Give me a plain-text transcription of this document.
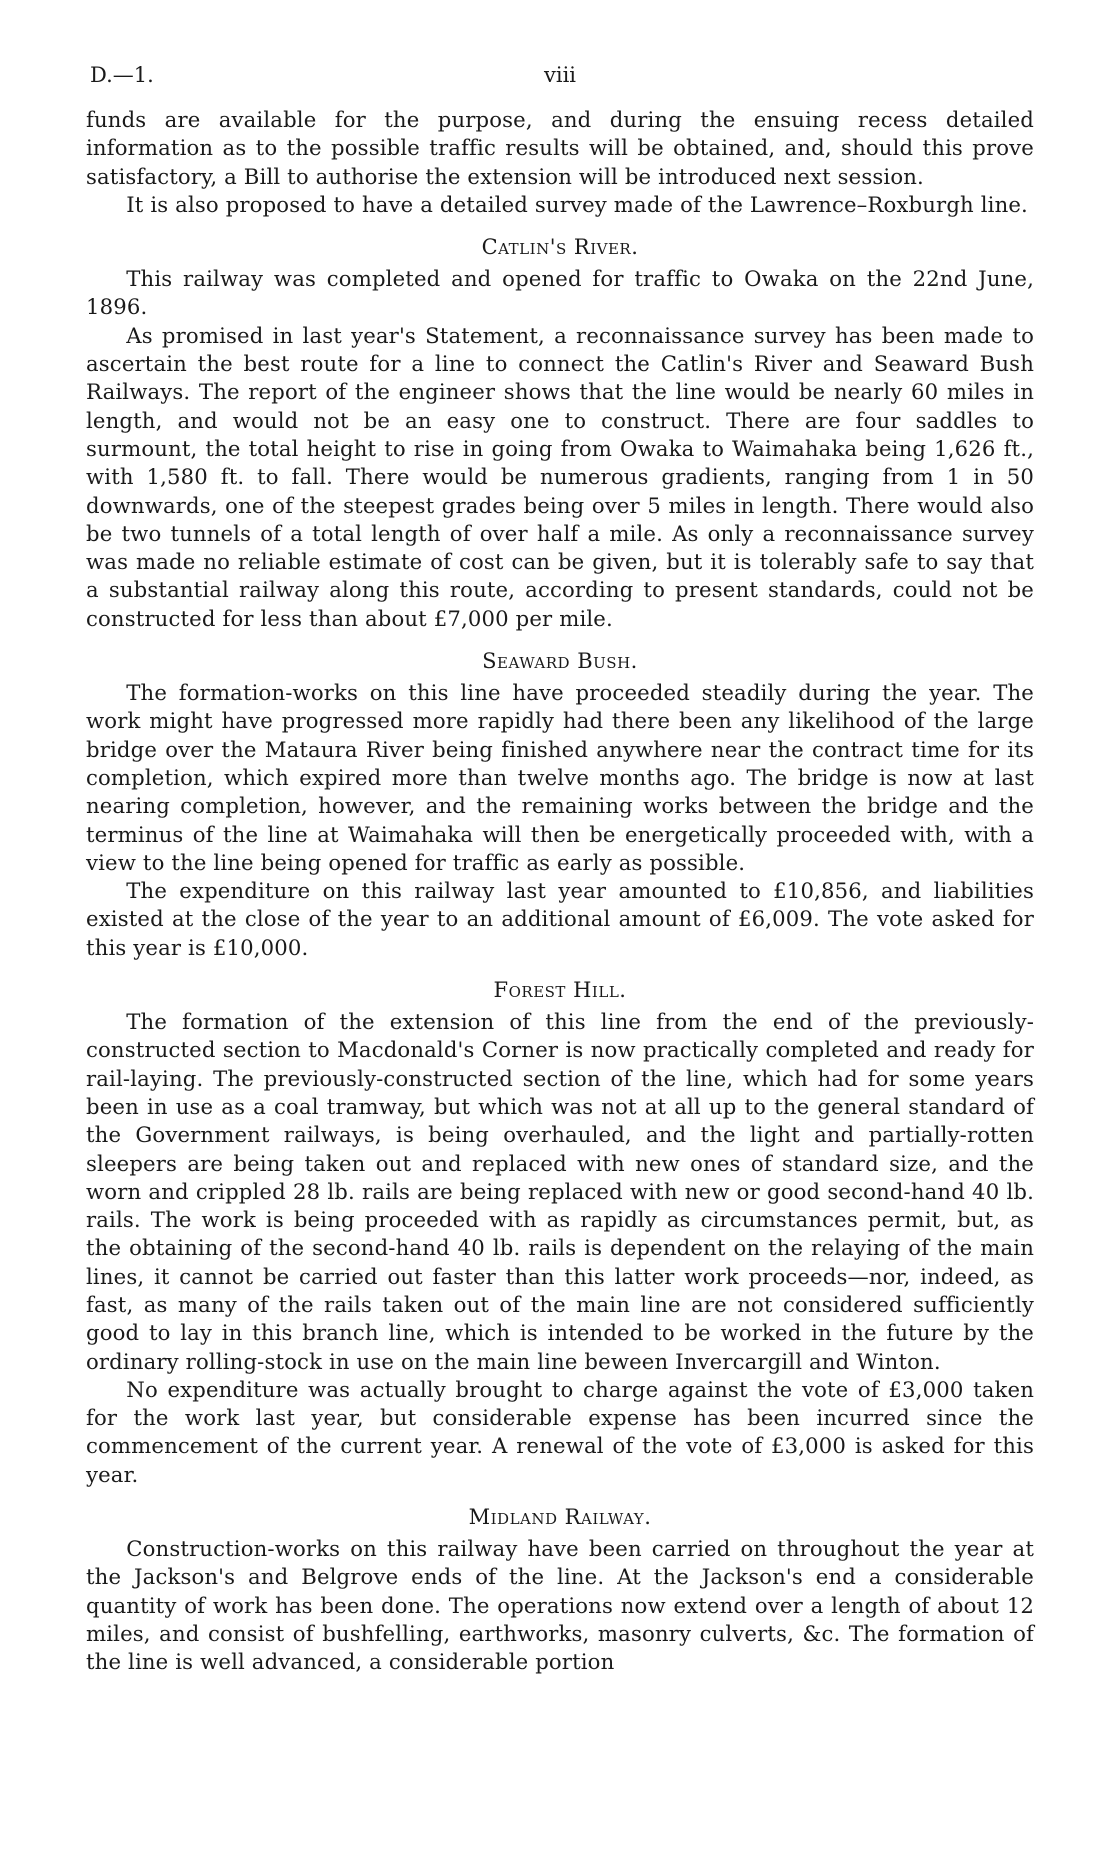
D.—1.	viii

funds are available for the purpose, and during the ensuing recess detailed information as to the possible traffic results will be obtained, and, should this prove satisfactory, a Bill to authorise the extension will be introduced next session.

It is also proposed to have a detailed survey made of the Lawrence–Roxburgh line.

Catlin's River.

This railway was completed and opened for traffic to Owaka on the 22nd June, 1896.

As promised in last year's Statement, a reconnaissance survey has been made to ascertain the best route for a line to connect the Catlin's River and Seaward Bush Railways. The report of the engineer shows that the line would be nearly 60 miles in length, and would not be an easy one to construct. There are four saddles to surmount, the total height to rise in going from Owaka to Waimahaka being 1,626 ft., with 1,580 ft. to fall. There would be numerous gradients, ranging from 1 in 50 downwards, one of the steepest grades being over 5 miles in length. There would also be two tunnels of a total length of over half a mile. As only a reconnaissance survey was made no reliable estimate of cost can be given, but it is tolerably safe to say that a substantial railway along this route, according to present standards, could not be constructed for less than about £7,000 per mile.

Seaward Bush.

The formation-works on this line have proceeded steadily during the year. The work might have progressed more rapidly had there been any likelihood of the large bridge over the Mataura River being finished anywhere near the contract time for its completion, which expired more than twelve months ago. The bridge is now at last nearing completion, however, and the remaining works between the bridge and the terminus of the line at Waimahaka will then be energetically proceeded with, with a view to the line being opened for traffic as early as possible.

The expenditure on this railway last year amounted to £10,856, and liabilities existed at the close of the year to an additional amount of £6,009. The vote asked for this year is £10,000.

Forest Hill.

The formation of the extension of this line from the end of the previously-constructed section to Macdonald's Corner is now practically completed and ready for rail-laying. The previously-constructed section of the line, which had for some years been in use as a coal tramway, but which was not at all up to the general standard of the Government railways, is being overhauled, and the light and partially-rotten sleepers are being taken out and replaced with new ones of standard size, and the worn and crippled 28 lb. rails are being replaced with new or good second-hand 40 lb. rails. The work is being proceeded with as rapidly as circumstances permit, but, as the obtaining of the second-hand 40 lb. rails is dependent on the relaying of the main lines, it cannot be carried out faster than this latter work proceeds—nor, indeed, as fast, as many of the rails taken out of the main line are not considered sufficiently good to lay in this branch line, which is intended to be worked in the future by the ordinary rolling-stock in use on the main line beween Invercargill and Winton.

No expenditure was actually brought to charge against the vote of £3,000 taken for the work last year, but considerable expense has been incurred since the commencement of the current year. A renewal of the vote of £3,000 is asked for this year.

Midland Railway.

Construction-works on this railway have been carried on throughout the year at the Jackson's and Belgrove ends of the line. At the Jackson's end a considerable quantity of work has been done. The operations now extend over a length of about 12 miles, and consist of bushfelling, earthworks, masonry culverts, &c. The formation of the line is well advanced, a considerable portion
